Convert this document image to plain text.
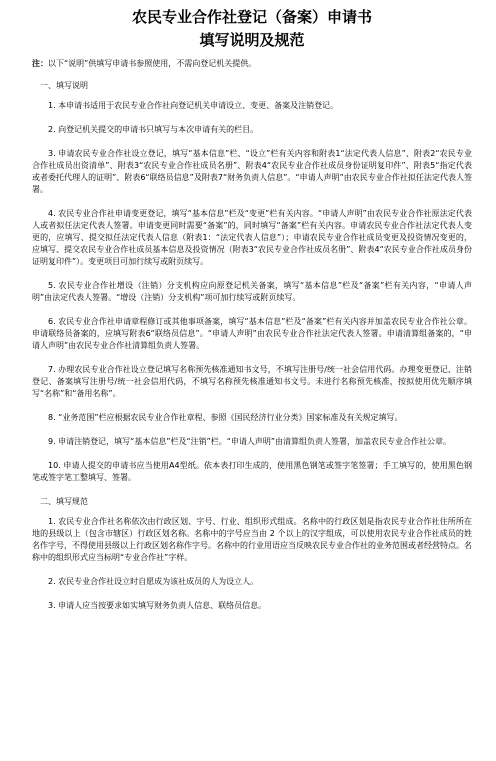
农民专业合作社登记（备案）申请书
填写说明及规范
注：以下“说明”供填写申请书参照使用，不需向登记机关提供。
一、填写说明

1. 本申请书适用于农民专业合作社向登记机关申请设立、变更、备案及注销登记。

2. 向登记机关提交的申请书只填写与本次申请有关的栏目。

3. 申请农民专业合作社设立登记，填写“基本信息”栏、“设立”栏有关内容和附表1“法定代表人信息”、附表2“农民专业合作社成员出资清单”、附表3“农民专业合作社成员名册”、附表4“农民专业合作社成员身份证明复印件”、附表5“指定代表或者委托代理人的证明”、附表6“联络员信息”及附表7“财务负责人信息”。“申请人声明”由农民专业合作社拟任法定代表人签署。

4. 农民专业合作社申请变更登记，填写“基本信息”栏及“变更”栏有关内容。“申请人声明”由农民专业合作社原法定代表人或者拟任法定代表人签署。申请变更同时需要“备案”的，同时填写“备案”栏有关内容。申请农民专业合作社法定代表人变更的，应填写、提交拟任法定代表人信息（附表1：“法定代表人信息”）；申请农民专业合作社成员变更及投资情况变更的，应填写、提交农民专业合作社成员基本信息及投资情况（附表3“农民专业合作社成员名册”、附表4“农民专业合作社成员身份证明复印件”）。变更项目可加行续写或附页续写。

5. 农民专业合作社增设（注销）分支机构应向原登记机关备案，填写“基本信息”栏及“备案”栏有关内容，“申请人声明”由法定代表人签署。“增设（注销）分支机构”项可加行续写或附页续写。

6. 农民专业合作社申请章程修订或其他事项备案，填写“基本信息”栏及“备案”栏有关内容并加盖农民专业合作社公章。申请联络员备案的，应填写附表6“联络员信息”。“申请人声明”由农民专业合作社法定代表人签署。申请清算组备案的，“申请人声明”由农民专业合作社清算组负责人签署。

7. 办理农民专业合作社设立登记填写名称预先核准通知书文号，不填写注册号/统一社会信用代码。办理变更登记、注销登记、备案填写注册号/统一社会信用代码，不填写名称预先核准通知书文号。未进行名称预先核准，按拟使用优先顺序填写“名称”和“备用名称”。

8. “业务范围”栏应根据农民专业合作社章程、参照《国民经济行业分类》国家标准及有关规定填写。

9. 申请注销登记，填写“基本信息”栏及“注销”栏。“申请人声明”由清算组负责人签署，加盖农民专业合作社公章。

10. 申请人提交的申请书应当使用A4型纸。依本表打印生成的，使用黑色钢笔或签字笔签署；手工填写的，使用黑色钢笔或签字笔工整填写、签署。

二、填写规范

1. 农民专业合作社名称依次由行政区划、字号、行业、组织形式组成。名称中的行政区划是指农民专业合作社住所所在地的县级以上（包含市辖区）行政区划名称。名称中的字号应当由 2 个以上的汉字组成，可以使用农民专业合作社成员的姓名作字号，不得使用县级以上行政区划名称作字号。名称中的行业用语应当反映农民专业合作社的业务范围或者经营特点。名称中的组织形式应当标明“专业合作社”字样。

2. 农民专业合作社设立时自愿成为该社成员的人为设立人。

3. 申请人应当按要求如实填写财务负责人信息、联络员信息。
